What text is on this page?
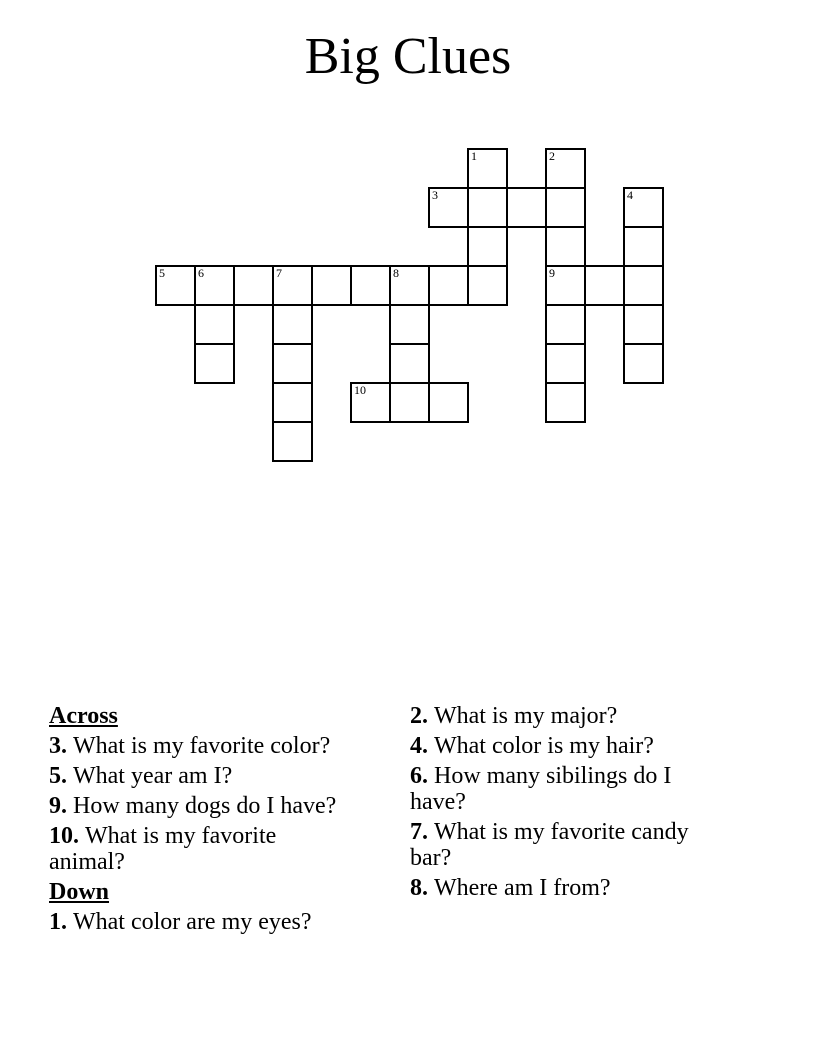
Big Clues
1	2
3	4
5	6	7	8	9
10

Across

3. What is my favorite color?

5. What year am I?

9. How many dogs do I have?

10. What is my favorite animal?

Down

1. What color are my eyes?

2. What is my major?

4. What color is my hair?

6. How many sibilings do I have?

7. What is my favorite candy bar?

8. Where am I from?
